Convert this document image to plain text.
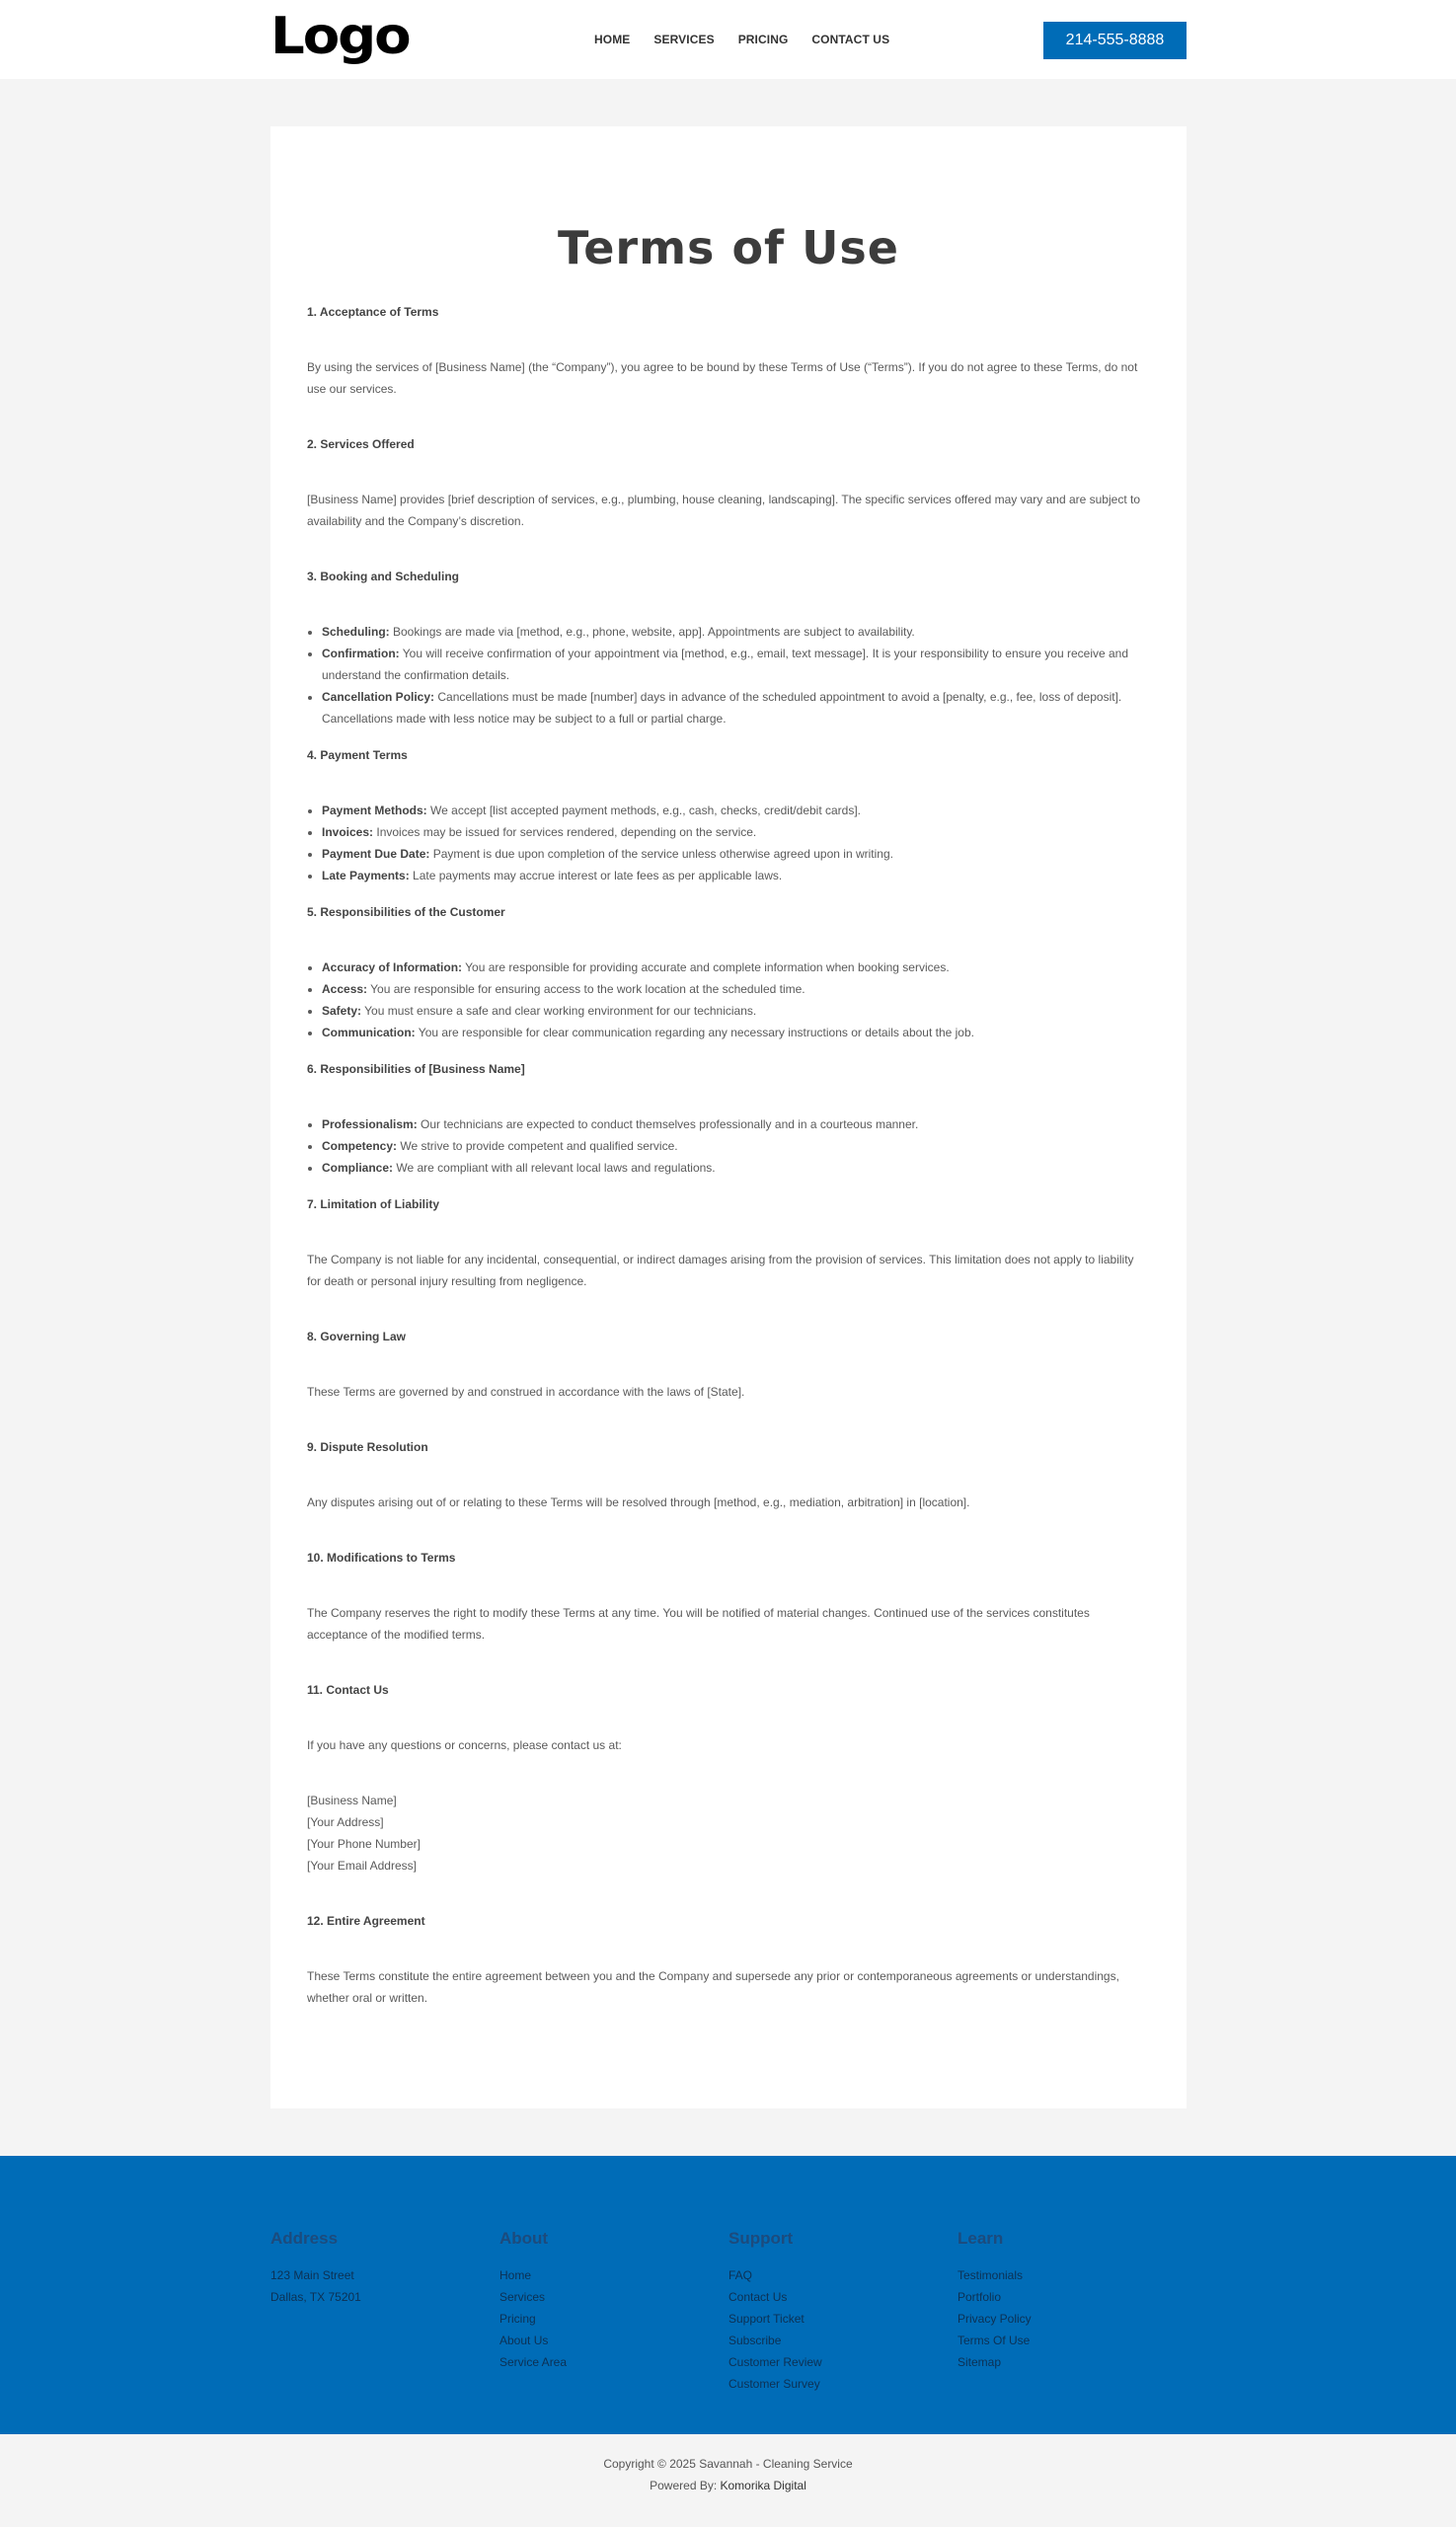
Logo	HOME SERVICES PRICING CONTACT US	214-555-8888
Terms of Use
1. Acceptance of Terms

By using the services of [Business Name] (the “Company”), you agree to be bound by these Terms of Use (“Terms”). If you do not agree to these Terms, do not use our services.

2. Services Offered

[Business Name] provides [brief description of services, e.g., plumbing, house cleaning, landscaping]. The specific services offered may vary and are subject to availability and the Company’s discretion.

3. Booking and Scheduling
• Scheduling: Bookings are made via [method, e.g., phone, website, app]. Appointments are subject to availability.
• Confirmation: You will receive confirmation of your appointment via [method, e.g., email, text message]. It is your responsibility to ensure you receive and understand the confirmation details.
• Cancellation Policy: Cancellations must be made [number] days in advance of the scheduled appointment to avoid a [penalty, e.g., fee, loss of deposit]. Cancellations made with less notice may be subject to a full or partial charge.
4. Payment Terms
• Payment Methods: We accept [list accepted payment methods, e.g., cash, checks, credit/debit cards].
• Invoices: Invoices may be issued for services rendered, depending on the service.
• Payment Due Date: Payment is due upon completion of the service unless otherwise agreed upon in writing.
• Late Payments: Late payments may accrue interest or late fees as per applicable laws.
5. Responsibilities of the Customer
• Accuracy of Information: You are responsible for providing accurate and complete information when booking services.
• Access: You are responsible for ensuring access to the work location at the scheduled time.
• Safety: You must ensure a safe and clear working environment for our technicians.
• Communication: You are responsible for clear communication regarding any necessary instructions or details about the job.
6. Responsibilities of [Business Name]
• Professionalism: Our technicians are expected to conduct themselves professionally and in a courteous manner.
• Competency: We strive to provide competent and qualified service.
• Compliance: We are compliant with all relevant local laws and regulations.
7. Limitation of Liability

The Company is not liable for any incidental, consequential, or indirect damages arising from the provision of services. This limitation does not apply to liability for death or personal injury resulting from negligence.

8. Governing Law

These Terms are governed by and construed in accordance with the laws of [State].

9. Dispute Resolution

Any disputes arising out of or relating to these Terms will be resolved through [method, e.g., mediation, arbitration] in [location].

10. Modifications to Terms

The Company reserves the right to modify these Terms at any time. You will be notified of material changes. Continued use of the services constitutes acceptance of the modified terms.

11. Contact Us

If you have any questions or concerns, please contact us at:

[Business Name]
[Your Address]
[Your Phone Number]
[Your Email Address]
12. Entire Agreement

These Terms constitute the entire agreement between you and the Company and supersede any prior or contemporaneous agreements or understandings, whether oral or written.

Address
123 Main Street
Dallas, TX 75201
About
Home
Services
Pricing
About Us
Service Area
Support
FAQ
Contact Us
Support Ticket
Subscribe
Customer Review
Customer Survey
Learn
Testimonials
Portfolio
Privacy Policy
Terms Of Use
Sitemap
Copyright © 2025 Savannah - Cleaning Service
Powered By: Komorika Digital
